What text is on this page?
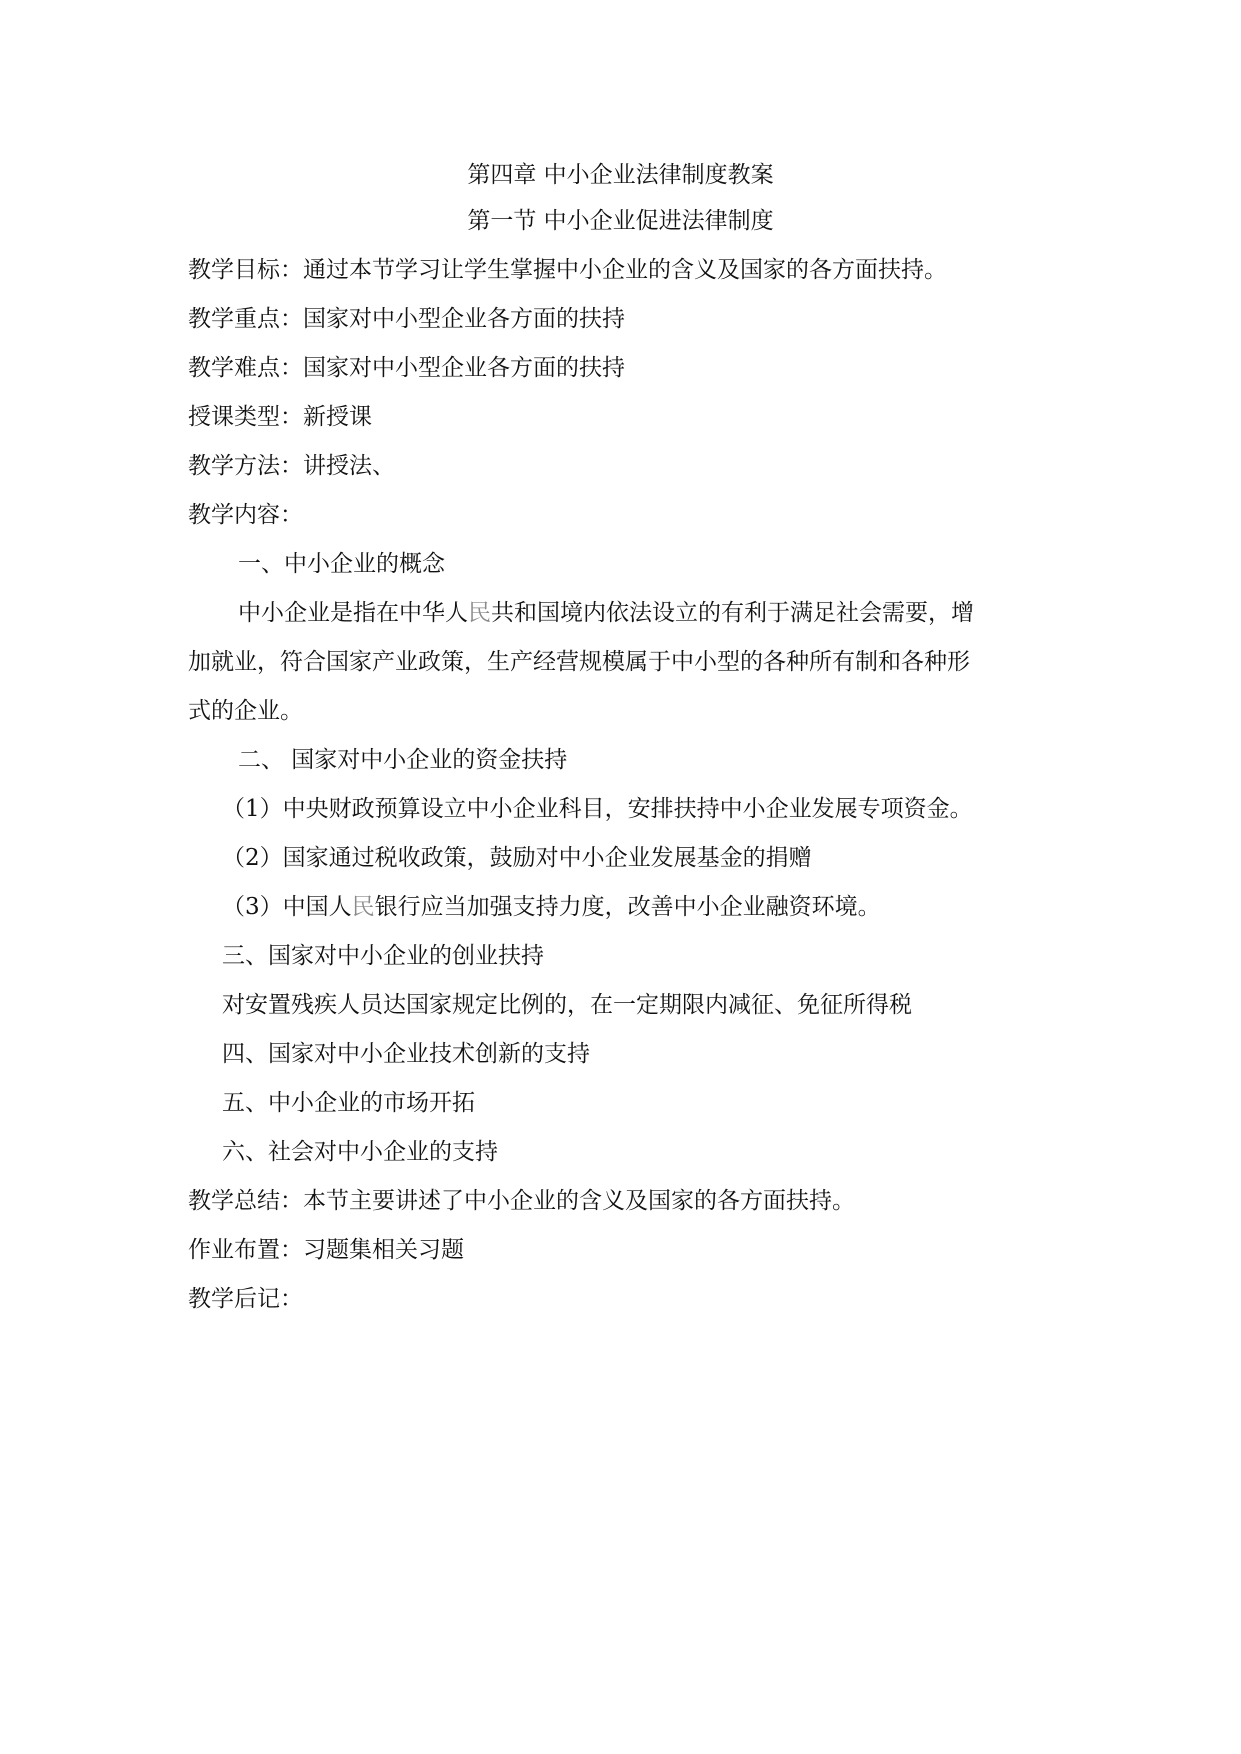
第四章 中小企业法律制度教案
第一节 中小企业促进法律制度
教学目标：通过本节学习让学生掌握中小企业的含义及国家的各方面扶持。
教学重点：国家对中小型企业各方面的扶持
教学难点：国家对中小型企业各方面的扶持
授课类型：新授课
教学方法：讲授法、
教学内容：
一、中小企业的概念
中小企业是指在中华人民共和国境内依法设立的有利于满足社会需要，增
加就业，符合国家产业政策，生产经营规模属于中小型的各种所有制和各种形
式的企业。
二、 国家对中小企业的资金扶持
（1）中央财政预算设立中小企业科目，安排扶持中小企业发展专项资金。
（2）国家通过税收政策，鼓励对中小企业发展基金的捐赠
（3）中国人民银行应当加强支持力度，改善中小企业融资环境。
三、国家对中小企业的创业扶持
对安置残疾人员达国家规定比例的，在一定期限内减征、免征所得税
四、国家对中小企业技术创新的支持
五、中小企业的市场开拓
六、社会对中小企业的支持
教学总结：本节主要讲述了中小企业的含义及国家的各方面扶持。
作业布置：习题集相关习题
教学后记：
